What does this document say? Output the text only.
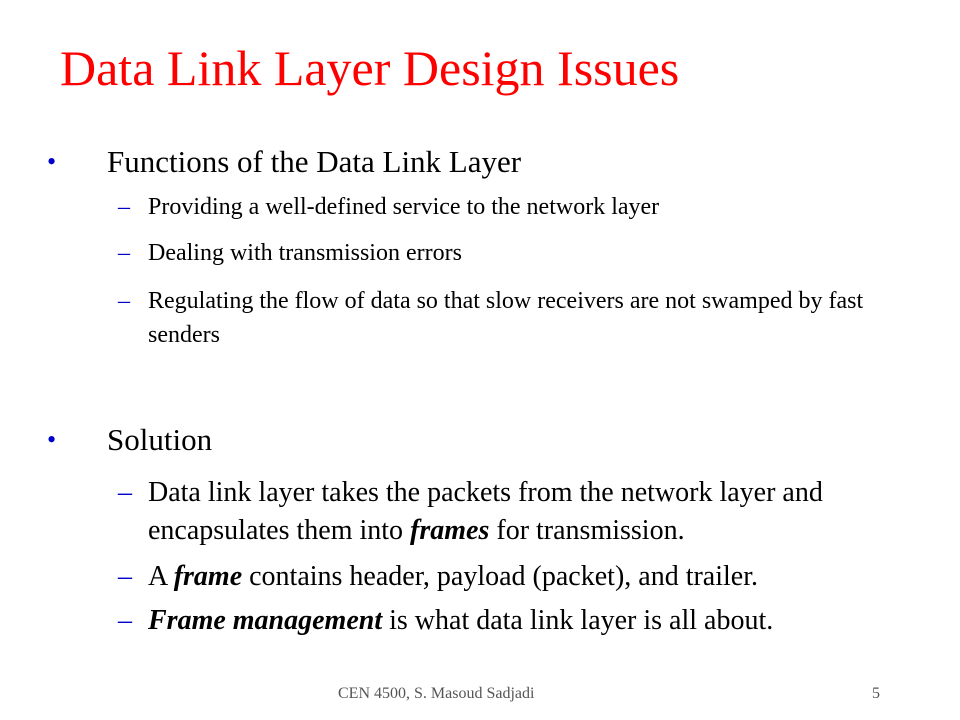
Data Link Layer Design Issues
• Functions of the Data Link Layer
– Providing a well-defined service to the network layer
– Dealing with transmission errors
– Regulating the flow of data so that slow receivers are not swamped by fast senders
• Solution
– Data link layer takes the packets from the network layer and encapsulates them into frames for transmission.
– A frame contains header, payload (packet), and trailer.
– Frame management is what data link layer is all about.
CEN 4500, S. Masoud Sadjadi	5
